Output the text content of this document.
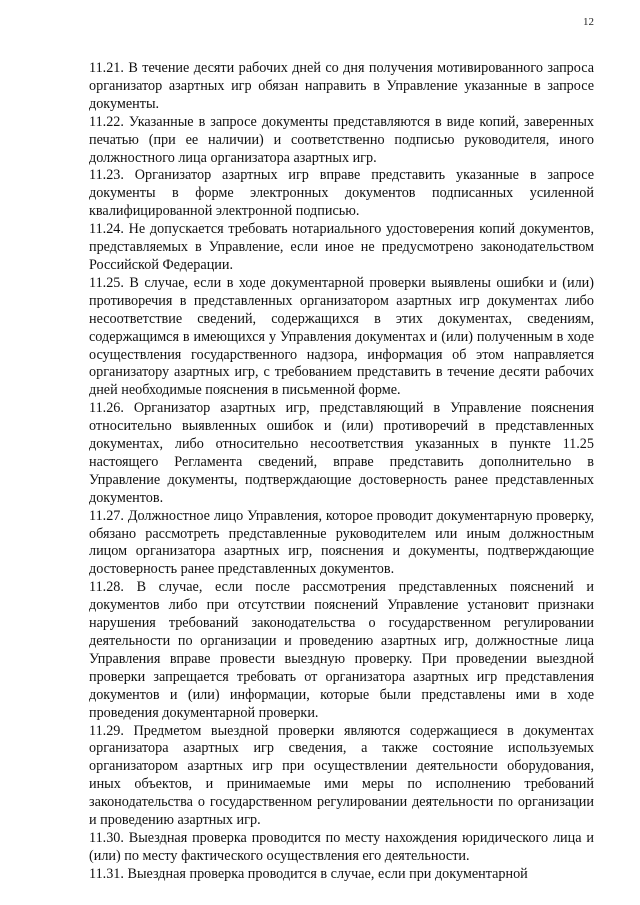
12

11.21. В течение десяти рабочих дней со дня получения мотивированного запроса организатор азартных игр обязан направить в Управление указанные в запросе документы.

11.22. Указанные в запросе документы представляются в виде копий, заверенных печатью (при ее наличии) и соответственно подписью руководителя, иного должностного лица организатора азартных игр.

11.23. Организатор азартных игр вправе представить указанные в запросе документы в форме электронных документов подписанных усиленной квалифицированной электронной подписью.

11.24. Не допускается требовать нотариального удостоверения копий документов, представляемых в Управление, если иное не предусмотрено законодательством Российской Федерации.

11.25. В случае, если в ходе документарной проверки выявлены ошибки и (или) противоречия в представленных организатором азартных игр документах либо несоответствие сведений, содержащихся в этих документах, сведениям, содержащимся в имеющихся у Управления документах и (или) полученным в ходе осуществления государственного надзора, информация об этом направляется организатору азартных игр, с требованием представить в течение десяти рабочих дней необходимые пояснения в письменной форме.

11.26. Организатор азартных игр, представляющий в Управление пояснения относительно выявленных ошибок и (или) противоречий в представленных документах, либо относительно несоответствия указанных в пункте 11.25 настоящего Регламента сведений, вправе представить дополнительно в Управление документы, подтверждающие достоверность ранее представленных документов.

11.27. Должностное лицо Управления, которое проводит документарную проверку, обязано рассмотреть представленные руководителем или иным должностным лицом организатора азартных игр, пояснения и документы, подтверждающие достоверность ранее представленных документов.

11.28. В случае, если после рассмотрения представленных пояснений и документов либо при отсутствии пояснений Управление установит признаки нарушения требований законодательства о государственном регулировании деятельности по организации и проведению азартных игр, должностные лица Управления вправе провести выездную проверку. При проведении выездной проверки запрещается требовать от организатора азартных игр представления документов и (или) информации, которые были представлены ими в ходе проведения документарной проверки.

11.29. Предметом выездной проверки являются содержащиеся в документах организатора азартных игр сведения, а также состояние используемых организатором азартных игр при осуществлении деятельности оборудования, иных объектов, и принимаемые ими меры по исполнению требований законодательства о государственном регулировании деятельности по организации и проведению азартных игр.

11.30. Выездная проверка проводится по месту нахождения юридического лица и (или) по месту фактического осуществления его деятельности.

11.31. Выездная проверка проводится в случае, если при документарной
